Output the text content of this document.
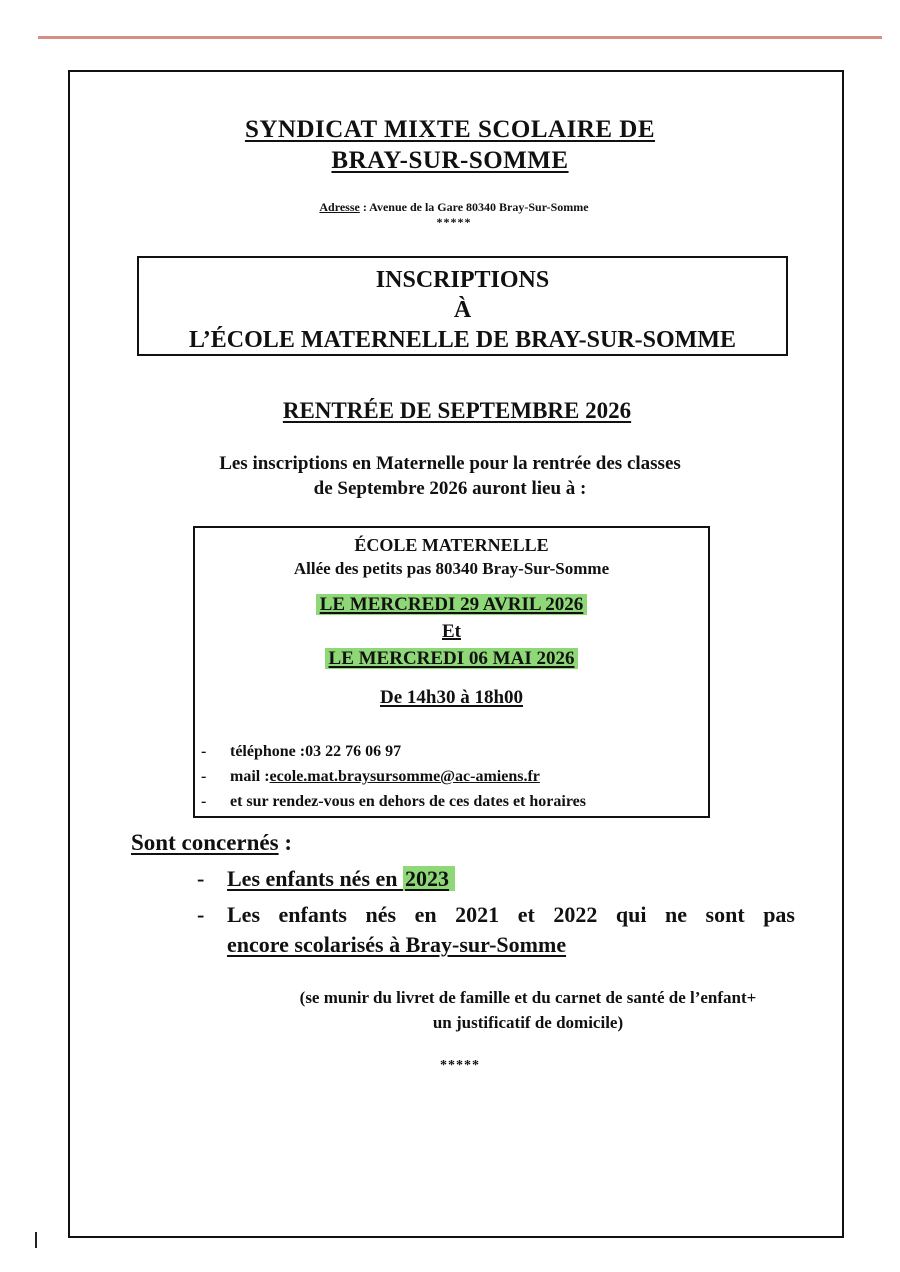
SYNDICAT MIXTE SCOLAIRE DE
BRAY-SUR-SOMME
Adresse : Avenue de la Gare 80340 Bray-Sur-Somme
*****
INSCRIPTIONS
À
L’ÉCOLE MATERNELLE DE BRAY-SUR-SOMME
RENTRÉE DE SEPTEMBRE 2026
Les inscriptions en Maternelle pour la rentrée des classes
de Septembre 2026 auront lieu à :
ÉCOLE MATERNELLE
Allée des petits pas 80340 Bray-Sur-Somme
LE MERCREDI 29 AVRIL 2026
Et
LE MERCREDI 06 MAI 2026
De 14h30 à 18h00
-	téléphone : 03 22 76 06 97
-	mail : ecole.mat.braysursomme@ac-amiens.fr
-	et sur rendez-vous en dehors de ces dates et horaires
Sont concernés :
-	Les enfants nés en 2023
-	Les enfants nés en 2021 et 2022 qui ne sont pas
encore scolarisés à Bray-sur-Somme
(se munir du livret de famille et du carnet de santé de l’enfant+
un justificatif de domicile)
*****
